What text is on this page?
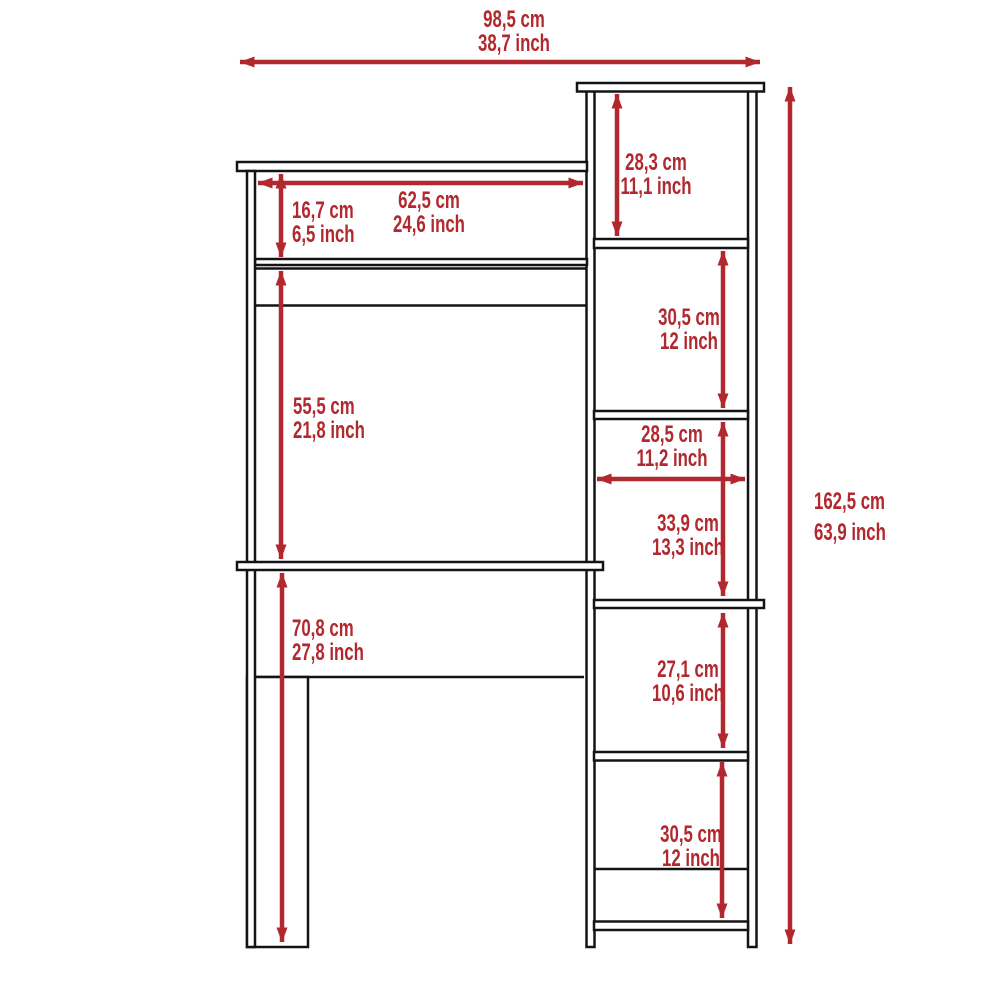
98,5 cm
38,7 inch
162,5 cm
63,9 inch
62,5 cm
24,6 inch
16,7 cm
6,5 inch
55,5 cm
21,8 inch
70,8 cm
27,8 inch
28,3 cm
11,1 inch
30,5 cm
12 inch
28,5 cm
11,2 inch
33,9 cm
13,3 inch
27,1 cm
10,6 inch
30,5 cm
12 inch
